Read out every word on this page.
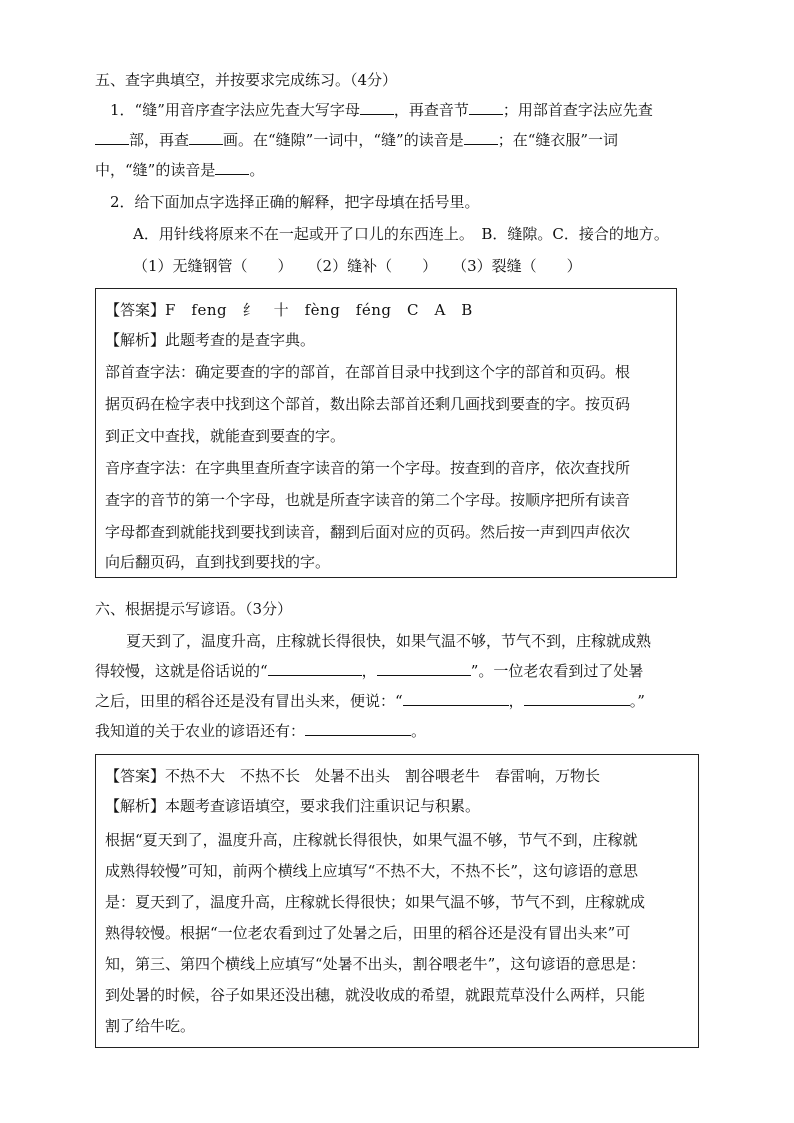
五、查字典填空，并按要求完成练习。（4分）
1．“缝”用音序查字法应先查大写字母 ，再查音节 ；用部首查字法应先查
部，再查 画。在“缝隙”一词中，“缝”的读音是 ；在“缝衣服”一词
中，“缝”的读音是 。
2．给下面加点字选择正确的解释，把字母填在括号里。
A．用针线将原来不在一起或开了口儿的东西连上。　B．缝隙。C．接合的地方。
（1）无缝钢管（　　）　　（2）缝补（　　）　　（3）裂缝（　　）
【答案】F　feng　纟　十　fèng　féng　C　A　B
【解析】此题考查的是查字典。
部首查字法：确定要查的字的部首，在部首目录中找到这个字的部首和页码。根
据页码在检字表中找到这个部首，数出除去部首还剩几画找到要查的字。按页码
到正文中查找，就能查到要查的字。
音序查字法：在字典里查所查字读音的第一个字母。按查到的音序，依次查找所
查字的音节的第一个字母，也就是所查字读音的第二个字母。按顺序把所有读音
字母都查到就能找到要找到读音，翻到后面对应的页码。然后按一声到四声依次
向后翻页码，直到找到要找的字。
六、根据提示写谚语。（3分）
夏天到了，温度升高，庄稼就长得很快，如果气温不够，节气不到，庄稼就成熟
得较慢，这就是俗话说的“	，	”。一位老农看到过了处暑
之后，田里的稻谷还是没有冒出头来，便说：“	，	。”
我知道的关于农业的谚语还有：	。
【答案】不热不大　不热不长　处暑不出头　割谷喂老牛　春雷响，万物长
【解析】本题考查谚语填空，要求我们注重识记与积累。
根据“夏天到了，温度升高，庄稼就长得很快，如果气温不够，节气不到，庄稼就
成熟得较慢”可知，前两个横线上应填写“不热不大，不热不长”，这句谚语的意思
是：夏天到了，温度升高，庄稼就长得很快；如果气温不够，节气不到，庄稼就成
熟得较慢。根据“一位老农看到过了处暑之后，田里的稻谷还是没有冒出头来”可
知，第三、第四个横线上应填写“处暑不出头，割谷喂老牛”，这句谚语的意思是：
到处暑的时候，谷子如果还没出穗，就没收成的希望，就跟荒草没什么两样，只能
割了给牛吃。
